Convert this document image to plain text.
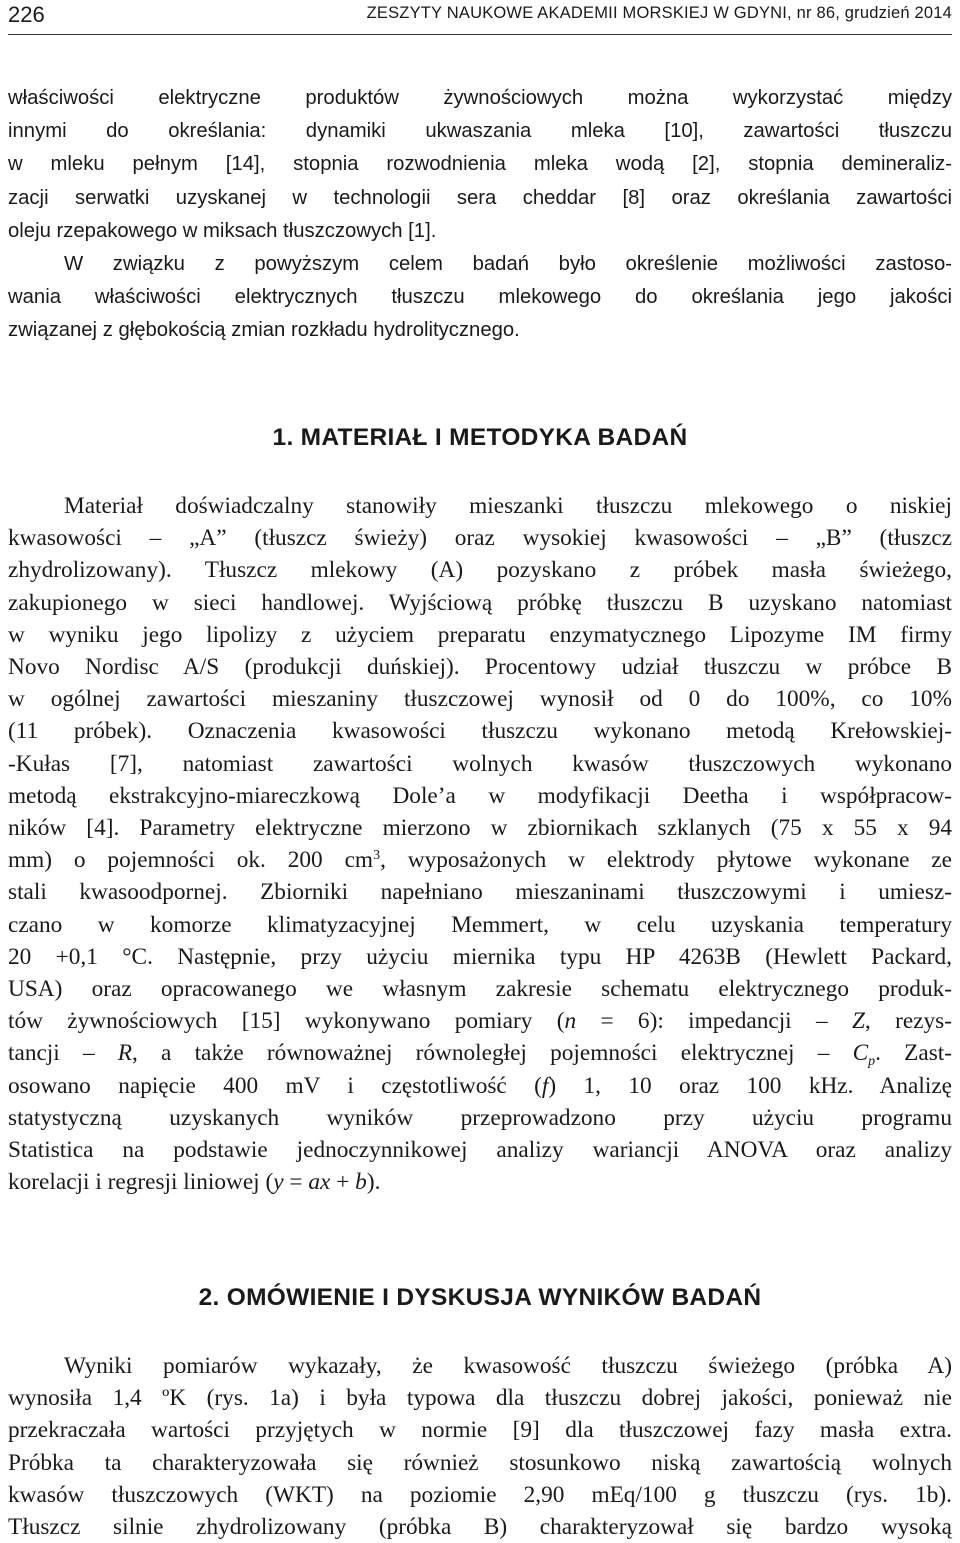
226	ZESZYTY NAUKOWE AKADEMII MORSKIEJ W GDYNI, nr 86, grudzień 2014
właściwości elektryczne produktów żywnościowych można wykorzystać między
innymi do określania: dynamiki ukwaszania mleka [10], zawartości tłuszczu
w mleku pełnym [14], stopnia rozwodnienia mleka wodą [2], stopnia demineraliz-
zacji serwatki uzyskanej w technologii sera cheddar [8] oraz określania zawartości
oleju rzepakowego w miksach tłuszczowych [1].
W związku z powyższym celem badań było określenie możliwości zastoso-
wania właściwości elektrycznych tłuszczu mlekowego do określania jego jakości
związanej z głębokością zmian rozkładu hydrolitycznego.
1. MATERIAŁ I METODYKA BADAŃ
Materiał doświadczalny stanowiły mieszanki tłuszczu mlekowego o niskiej
kwasowości – „A” (tłuszcz świeży) oraz wysokiej kwasowości – „B” (tłuszcz
zhydrolizowany). Tłuszcz mlekowy (A) pozyskano z próbek masła świeżego,
zakupionego w sieci handlowej. Wyjściową próbkę tłuszczu B uzyskano natomiast
w wyniku jego lipolizy z użyciem preparatu enzymatycznego Lipozyme IM firmy
Novo Nordisc A/S (produkcji duńskiej). Procentowy udział tłuszczu w próbce B
w ogólnej zawartości mieszaniny tłuszczowej wynosił od 0 do 100%, co 10%
(11 próbek). Oznaczenia kwasowości tłuszczu wykonano metodą Krełowskiej-
-Kułas [7], natomiast zawartości wolnych kwasów tłuszczowych wykonano
metodą ekstrakcyjno-miareczkową Dole’a w modyfikacji Deetha i współpracow-
ników [4]. Parametry elektryczne mierzono w zbiornikach szklanych (75 x 55 x 94
mm) o pojemności ok. 200 $cm^3$, wyposażonych w elektrody płytowe wykonane ze
stali kwasoodpornej. Zbiorniki napełniano mieszaninami tłuszczowymi i umiesz-
czano w komorze klimatyzacyjnej Memmert, w celu uzyskania temperatury
20 +0,1 °C. Następnie, przy użyciu miernika typu HP 4263B (Hewlett Packard,
USA) oraz opracowanego we własnym zakresie schematu elektrycznego produk-
tów żywnościowych [15] wykonywano pomiary (n = 6): impedancji – Z, rezys-
tancji – R, a także równoważnej równoległej pojemności elektrycznej – $C_p$. Zast-
osowano napięcie 400 mV i częstotliwość (f) 1, 10 oraz 100 kHz. Analizę
statystyczną uzyskanych wyników przeprowadzono przy użyciu programu
Statistica na podstawie jednoczynnikowej analizy wariancji ANOVA oraz analizy
korelacji i regresji liniowej (y = ax + b).
2. OMÓWIENIE I DYSKUSJA WYNIKÓW BADAŃ
Wyniki pomiarów wykazały, że kwasowość tłuszczu świeżego (próbka A)
wynosiła 1,4 ºK (rys. 1a) i była typowa dla tłuszczu dobrej jakości, ponieważ nie
przekraczała wartości przyjętych w normie [9] dla tłuszczowej fazy masła extra.
Próbka ta charakteryzowała się również stosunkowo niską zawartością wolnych
kwasów tłuszczowych (WKT) na poziomie 2,90 mEq/100 g tłuszczu (rys. 1b).
Tłuszcz silnie zhydrolizowany (próbka B) charakteryzował się bardzo wysoką
